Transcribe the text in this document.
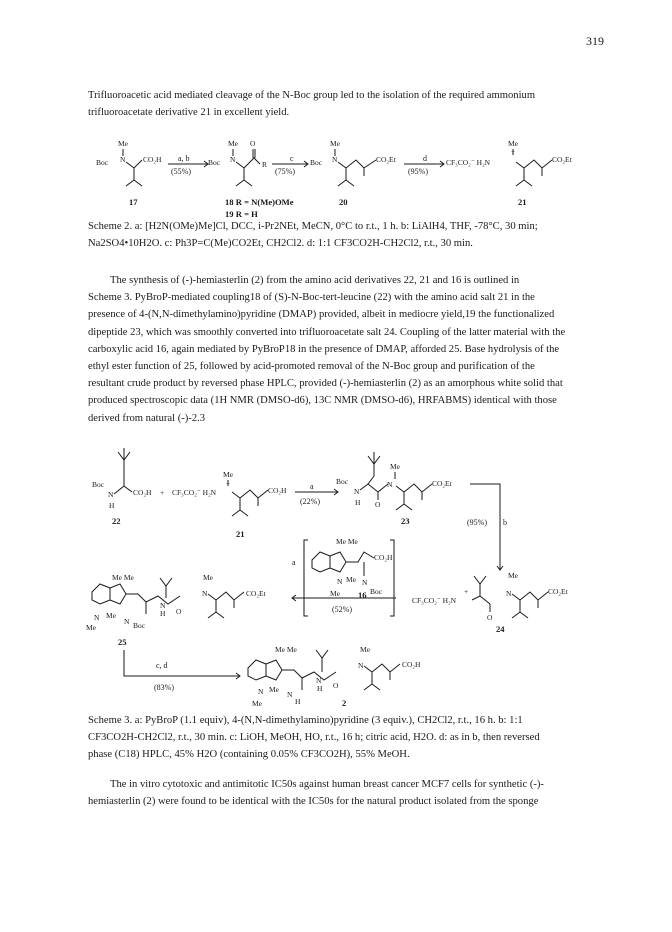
319

Trifluoroacetic acid mediated cleavage of the N-Boc group led to the isolation of the required ammonium
trifluoroacetate derivative 21 in excellent yield.

Me
Boc N CO₂H a, b
(55%)
17
Me O
Boc N
R
c
(75%)
18 R = N(Me)OMe
19 R = H
Me
Boc N	CO₂Et	d
(95%)
20
Me
CF₃CO₂⁻ H₂N
+
CO₂Et
21

Scheme 2. a: [H2N(OMe)Me]Cl, DCC, i-Pr2NEt, MeCN, 0°C to r.t., 1 h. b: LiAlH4, THF, -78°C, 30 min;
Na2SO4•10H2O. c: Ph3P=C(Me)CO2Et, CH2Cl2. d: 1:1 CF3CO2H-CH2Cl2, r.t., 30 min.

The synthesis of (-)-hemiasterlin (2) from the amino acid derivatives 22, 21 and 16 is outlined in
Scheme 3. PyBroP-mediated coupling18 of (S)-N-Boc-tert-leucine (22) with the amino acid salt 21 in the
presence of 4-(N,N-dimethylamino)pyridine (DMAP) provided, albeit in mediocre yield,19 the functionalized
dipeptide 23, which was smoothly converted into trifluoroacetate salt 24. Coupling of the latter material with the
carboxylic acid 16, again mediated by PyBroP18 in the presence of DMAP, afforded 25. Base hydrolysis of the
ethyl ester function of 25, followed by acid-promoted removal of the N-Boc group and purification of the
resultant crude product by reversed phase HPLC, provided (-)-hemiasterlin (2) as an amorphous white solid that
produced spectroscopic data (1H NMR (DMSO-d6), 13C NMR (DMSO-d6), HRFABMS) identical with those
derived from natural (-)-2.3

Boc
N
H
CO₂H +
22
Me
CF₃CO₂⁻ H₂N
+
CO₂H
21
a
(22%)
Boc
N
H O
Me
N	CO₂Et
23	(95%) b
a
Me Me
CO₂H
N Me N
Boc
Me 16
(52%)
Me Me
N Me
N Boc
Me
H
N
O
Me
N	CO₂Et
25
CF₃CO₂⁻ H₂N
+
O
Me
N	CO₂Et
24
c, d
(83%)
Me Me
N Me
N
H
Me
N
H O
Me
N	CO₂H
2

Scheme 3. a: PyBroP (1.1 equiv), 4-(N,N-dimethylamino)pyridine (3 equiv.), CH2Cl2, r.t., 16 h. b: 1:1
CF3CO2H-CH2Cl2, r.t., 30 min. c: LiOH, MeOH, HO, r.t., 16 h; citric acid, H2O. d: as in b, then reversed
phase (C18) HPLC, 45% H2O (containing 0.05% CF3CO2H), 55% MeOH.

The in vitro cytotoxic and antimitotic IC50s against human breast cancer MCF7 cells for synthetic (-)-
hemiasterlin (2) were found to be identical with the IC50s for the natural product isolated from the sponge
